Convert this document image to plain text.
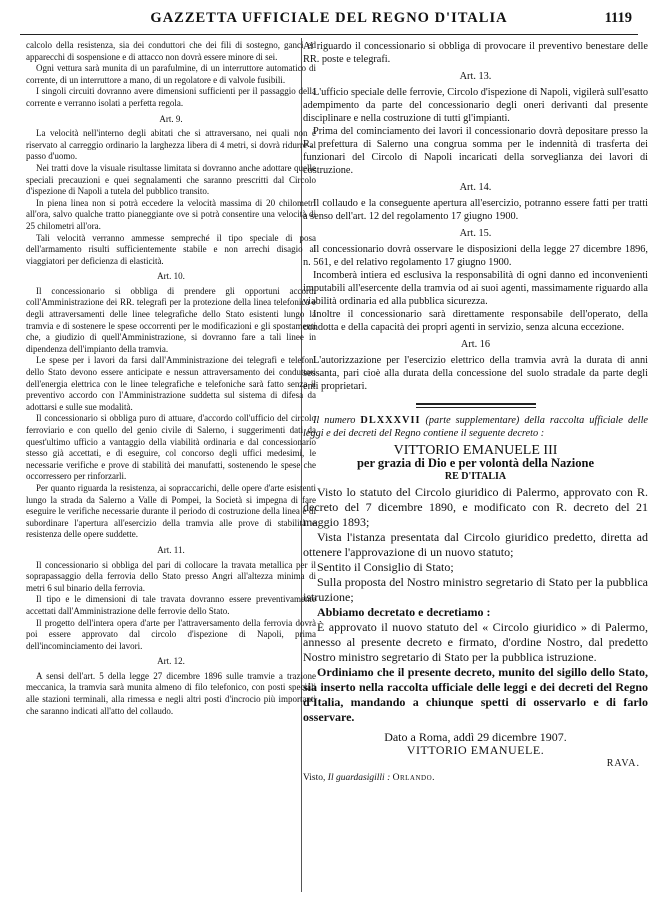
GAZZETTA UFFICIALE DEL REGNO D'ITALIA	1119

calcolo della resistenza, sia dei conduttori che dei fili di sostegno, ganci ed apparecchi di sospensione e di attacco non dovrà essere minore di sei.

Ogni vettura sarà munita di un parafulmine, di un interruttore automatico di corrente, di un interruttore a mano, di un regolatore e di valvole fusibili.

I singoli circuiti dovranno avere dimensioni sufficienti per il passaggio della corrente e verranno isolati a perfetta regola.

Art. 9.

La velocità nell'interno degli abitati che si attraversano, nei quali non è riservato al carreggio ordinario la larghezza libera di 4 metri, si dovrà ridurre al passo d'uomo.

Nei tratti dove la visuale risultasse limitata si dovranno anche adottare quelle speciali precauzioni e quei segnalamenti che saranno prescritti dal Circolo d'ispezione di Napoli a tutela del pubblico transito.

In piena linea non si potrà eccedere la velocità massima di 20 chilometri all'ora, salvo qualche tratto pianeggiante ove si potrà consentire una velocità di 25 chilometri all'ora.

Tali velocità verranno ammesse sempreché il tipo speciale di posa dell'armamento risulti sufficientemente stabile e non arrechi disagio ai viaggiatori per deficienza di elasticità.

Art. 10.

Il concessionario si obbliga di prendere gli opportuni accordi coll'Amministrazione dei RR. telegrafi per la protezione della linea telefonica e degli attraversamenti delle linee telegrafiche dello Stato esistenti lungo la tramvia e di sostenere le spese occorrenti per le modificazioni e gli spostamenti che, a giudizio di quell'Amministrazione, si dovranno fare a tali linee in dipendenza dell'impianto della tramvia.

Le spese per i lavori da farsi dall'Amministrazione dei telegrafi e telefoni dello Stato devono essere anticipate e nessun attraversamento dei conduttori dell'energia elettrica con le linee telegrafiche e telefoniche sarà fatto senza il preventivo accordo con l'Amministrazione suddetta sul sistema di difesa da adottarsi e sulle sue modalità.

Il concessionario si obbliga puro di attuare, d'accordo coll'ufficio del circolo ferroviario e con quello del genio civile di Salerno, i suggerimenti dati da quest'ultimo ufficio a vantaggio della viabilità ordinaria e dal concessionario stesso già accettati, e di eseguire, col concorso degli uffici medesimi, le necessarie verifiche e prove di stabilità dei manufatti, sostenendo le spese che occorressero per rinforzarli.

Per quanto riguarda la resistenza, ai sopraccarichi, delle opere d'arte esistenti lungo la strada da Salerno a Valle di Pompei, la Società si impegna di fare eseguire le verifiche necessarie durante il periodo di costruzione della linea e di subordinare l'apertura all'esercizio della tramvia alle prove di stabilità e resistenza delle opere suddette.

Art. 11.

Il concessionario si obbliga del pari di collocare la travata metallica per il soprapassaggio della ferrovia dello Stato presso Angri all'altezza minima di metri 6 sul binario della ferrovia.

Il tipo e le dimensioni di tale travata dovranno essere preventivamente accettati dall'Amministrazione delle ferrovie dello Stato.

Il progetto dell'intera opera d'arte per l'attraversamento della ferrovia dovrà poi essere approvato dal circolo d'ispezione di Napoli, prima dell'incominciamento dei lavori.

Art. 12.

A sensi dell'art. 5 della legge 27 dicembre 1896 sulle tramvie a trazione meccanica, la tramvia sarà munita almeno di filo telefonico, con posti speciali alle stazioni terminali, alla rimessa e negli altri posti d'incrocio più importanti che saranno indicati all'atto del collaudo.

Al riguardo il concessionario si obbliga di provocare il preventivo benestare delle RR. poste e telegrafi.

Art. 13.

L'ufficio speciale delle ferrovie, Circolo d'ispezione di Napoli, vigilerà sull'esatto adempimento da parte del concessionario degli oneri derivanti dal presente disciplinare e nella costruzione di tutti gl'impianti.

Prima del cominciamento dei lavori il concessionario dovrà depositare presso la R. prefettura di Salerno una congrua somma per le indennità di trasferta dei funzionari del Circolo di Napoli incaricati della sorveglianza dei lavori di costruzione.

Art. 14.

Il collaudo e la conseguente apertura all'esercizio, potranno essere fatti per tratti a senso dell'art. 12 del regolamento 17 giugno 1900.

Art. 15.

Il concessionario dovrà osservare le disposizioni della legge 27 dicembre 1896, n. 561, e del relativo regolamento 17 giugno 1900.

Incomberà intiera ed esclusiva la responsabilità di ogni danno ed inconvenienti imputabili all'esercente della tramvia od ai suoi agenti, massimamente riguardo alla viabilità ordinaria ed alla pubblica sicurezza.

Inoltre il concessionario sarà direttamente responsabile dell'operato, della condotta e della capacità dei propri agenti in servizio, senza alcuna eccezione.

Art. 16

L'autorizzazione per l'esercizio elettrico della tramvia avrà la durata di anni sessanta, pari cioè alla durata della concessione del suolo stradale da parte degli enti proprietari.

Il numero DLXXXVII (parte supplementare) della raccolta ufficiale delle leggi e dei decreti del Regno contiene il seguente decreto :

VITTORIO EMANUELE III
per grazia di Dio e per volontà della Nazione
RE D'ITALIA

Visto lo statuto del Circolo giuridico di Palermo, approvato con R. decreto del 7 dicembre 1890, e modificato con R. decreto del 21 maggio 1893;

Vista l'istanza presentata dal Circolo giuridico predetto, diretta ad ottenere l'approvazione di un nuovo statuto;

Sentito il Consiglio di Stato;

Sulla proposta del Nostro ministro segretario di Stato per la pubblica istruzione;

Abbiamo decretato e decretiamo :

È approvato il nuovo statuto del « Circolo giuridico » di Palermo, annesso al presente decreto e firmato, d'ordine Nostro, dal predetto Nostro ministro segretario di Stato per la pubblica istruzione.

Ordiniamo che il presente decreto, munito del sigillo dello Stato, sia inserto nella raccolta ufficiale delle leggi e dei decreti del Regno d'Italia, mandando a chiunque spetti di osservarlo e di farlo osservare.

Dato a Roma, addì 29 dicembre 1907.
VITTORIO EMANUELE.
RAVA.
Visto, Il guardasigilli : Orlando.
